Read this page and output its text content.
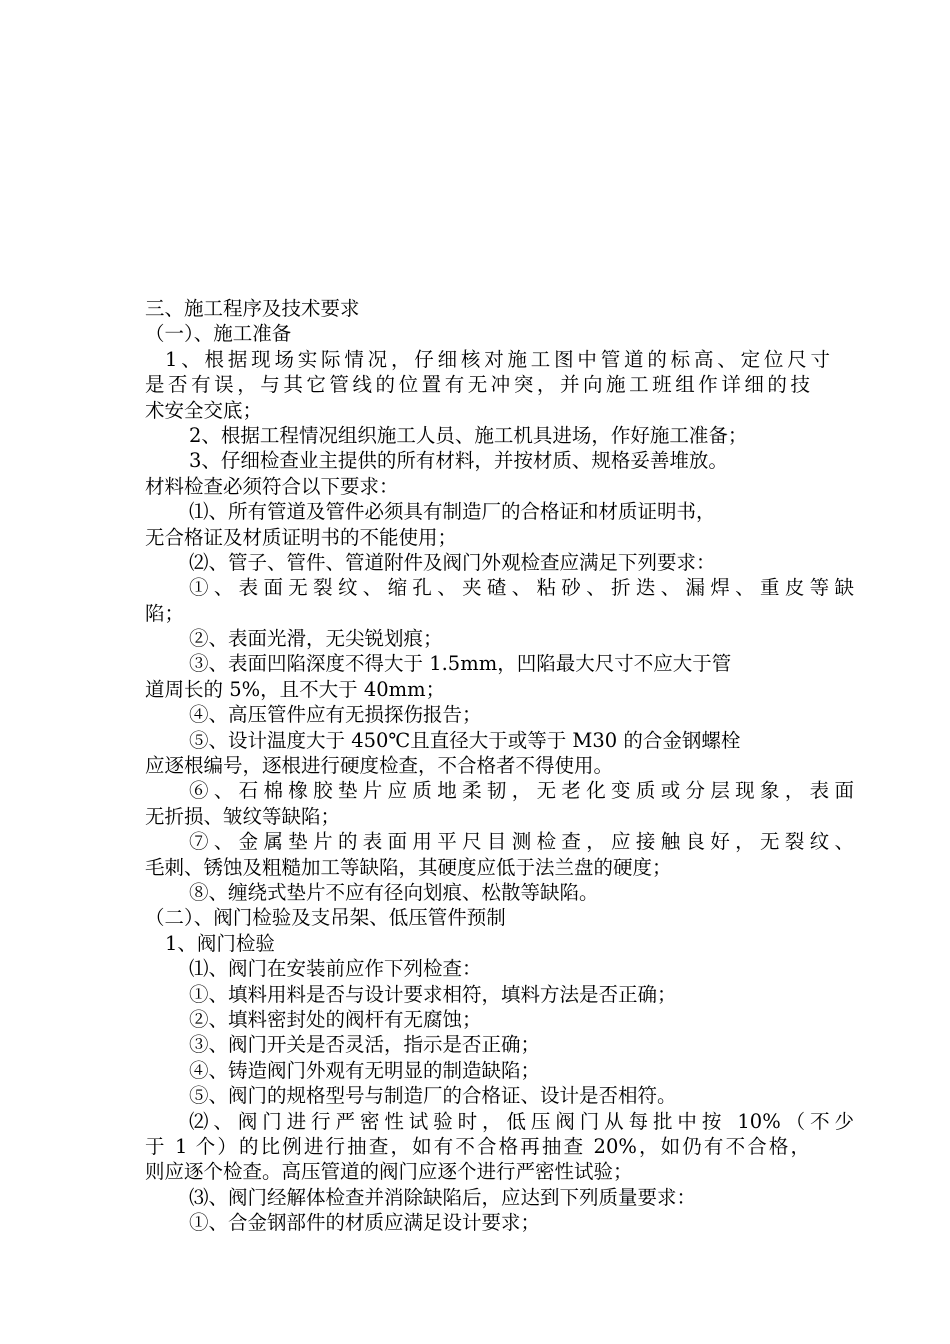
三、施工程序及技术要求
（一）、施工准备
1、根据现场实际情况，仔细核对施工图中管道的标高、定位尺寸
是否有误，与其它管线的位置有无冲突，并向施工班组作详细的技
术安全交底；
2、根据工程情况组织施工人员、施工机具进场，作好施工准备；
3、仔细检查业主提供的所有材料，并按材质、规格妥善堆放。
材料检查必须符合以下要求：
⑴、所有管道及管件必须具有制造厂的合格证和材质证明书，
无合格证及材质证明书的不能使用；
⑵、管子、管件、管道附件及阀门外观检查应满足下列要求：
①、表面无裂纹、缩孔、夹碴、粘砂、折迭、漏焊、重皮等缺
陷；
②、表面光滑，无尖锐划痕；
③、表面凹陷深度不得大于 1.5mm，凹陷最大尺寸不应大于管
道周长的 5%，且不大于 40mm；
④、高压管件应有无损探伤报告；
⑤、设计温度大于 450℃且直径大于或等于 M30 的合金钢螺栓
应逐根编号，逐根进行硬度检查，不合格者不得使用。
⑥、石棉橡胶垫片应质地柔韧，无老化变质或分层现象，表面
无折损、皱纹等缺陷；
⑦、金属垫片的表面用平尺目测检查，应接触良好，无裂纹、
毛刺、锈蚀及粗糙加工等缺陷，其硬度应低于法兰盘的硬度；
⑧、缠绕式垫片不应有径向划痕、松散等缺陷。
（二）、阀门检验及支吊架、低压管件预制
1、阀门检验
⑴、阀门在安装前应作下列检查：
①、填料用料是否与设计要求相符，填料方法是否正确；
②、填料密封处的阀杆有无腐蚀；
③、阀门开关是否灵活，指示是否正确；
④、铸造阀门外观有无明显的制造缺陷；
⑤、阀门的规格型号与制造厂的合格证、设计是否相符。
⑵、阀门进行严密性试验时，低压阀门从每批中按 10%（不少
于 1 个）的比例进行抽查，如有不合格再抽查 20%，如仍有不合格，
则应逐个检查。高压管道的阀门应逐个进行严密性试验；
⑶、阀门经解体检查并消除缺陷后，应达到下列质量要求：
①、合金钢部件的材质应满足设计要求；
